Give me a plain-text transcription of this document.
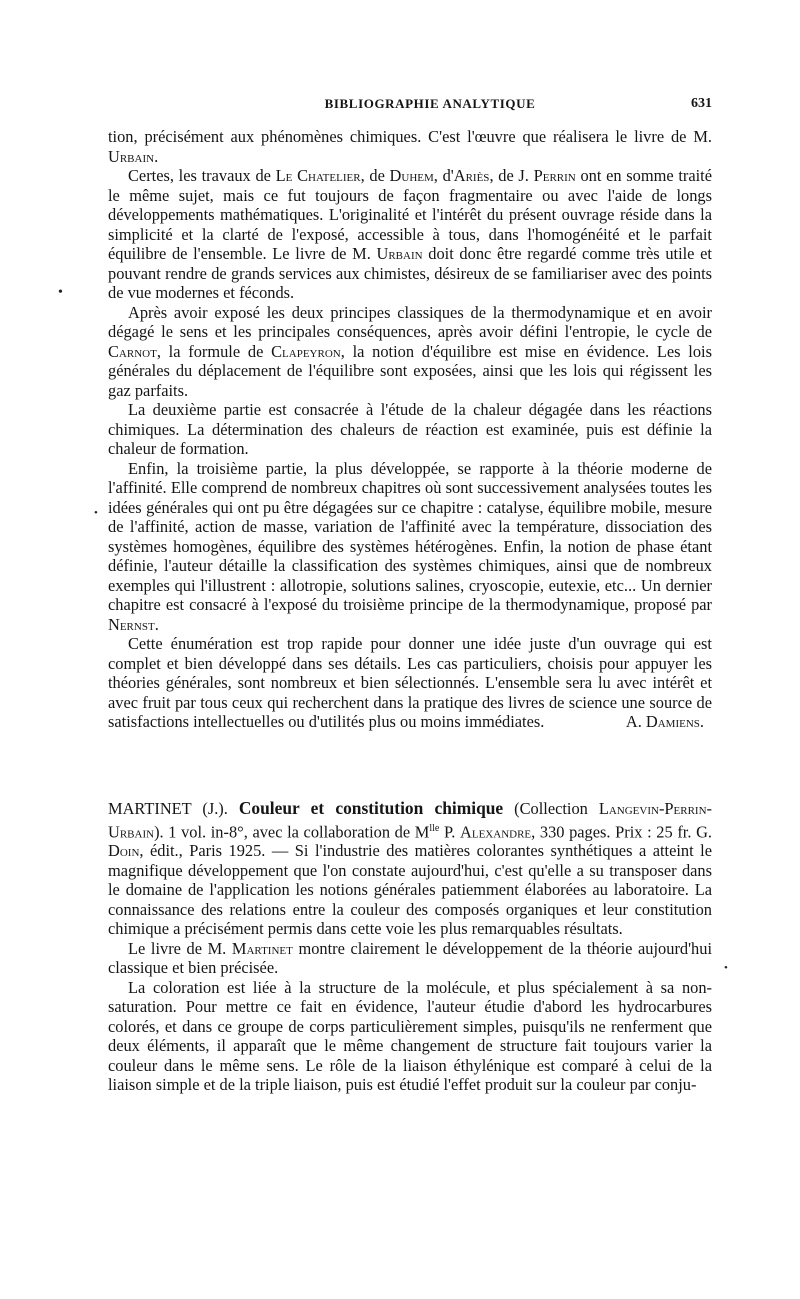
BIBLIOGRAPHIE ANALYTIQUE	631

tion, précisément aux phénomènes chimiques. C'est l'œuvre que réalisera le livre de M. Urbain.

Certes, les travaux de Le Chatelier, de Duhem, d'Ariès, de J. Perrin ont en somme traité le même sujet, mais ce fut toujours de façon fragmentaire ou avec l'aide de longs développements mathématiques. L'originalité et l'intérêt du présent ouvrage réside dans la simplicité et la clarté de l'exposé, accessible à tous, dans l'homogénéité et le parfait équilibre de l'ensemble. Le livre de M. Urbain doit donc être regardé comme très utile et pouvant rendre de grands services aux chimistes, désireux de se familiariser avec des points de vue modernes et féconds.

Après avoir exposé les deux principes classiques de la thermodynamique et en avoir dégagé le sens et les principales conséquences, après avoir défini l'entropie, le cycle de Carnot, la formule de Clapeyron, la notion d'équilibre est mise en évidence. Les lois générales du déplacement de l'équilibre sont exposées, ainsi que les lois qui régissent les gaz parfaits.

La deuxième partie est consacrée à l'étude de la chaleur dégagée dans les réactions chimiques. La détermination des chaleurs de réaction est examinée, puis est définie la chaleur de formation.

Enfin, la troisième partie, la plus développée, se rapporte à la théorie moderne de l'affinité. Elle comprend de nombreux chapitres où sont successivement analysées toutes les idées générales qui ont pu être dégagées sur ce chapitre : catalyse, équilibre mobile, mesure de l'affinité, action de masse, variation de l'affinité avec la température, dissociation des systèmes homogènes, équilibre des systèmes hétérogènes. Enfin, la notion de phase étant définie, l'auteur détaille la classification des systèmes chimiques, ainsi que de nombreux exemples qui l'illustrent : allotropie, solutions salines, cryoscopie, eutexie, etc... Un dernier chapitre est consacré à l'exposé du troisième principe de la thermodynamique, proposé par Nernst.

Cette énumération est trop rapide pour donner une idée juste d'un ouvrage qui est complet et bien développé dans ses détails. Les cas particuliers, choisis pour appuyer les théories générales, sont nombreux et bien sélectionnés. L'ensemble sera lu avec intérêt et avec fruit par tous ceux qui recherchent dans la pratique des livres de science une source de satisfactions intellectuelles ou d'utilités plus ou moins immédiates.	A. Damiens.

MARTINET (J.). Couleur et constitution chimique (Collection Langevin-Perrin-Urbain). 1 vol. in-8°, avec la collaboration de $M^{lle}$ P. Alexandre, 330 pages. Prix : 25 fr. G. Doin, édit., Paris 1925. — Si l'industrie des matières colorantes synthétiques a atteint le magnifique développement que l'on constate aujourd'hui, c'est qu'elle a su transposer dans le domaine de l'application les notions générales patiemment élaborées au laboratoire. La connaissance des relations entre la couleur des composés organiques et leur constitution chimique a précisément permis dans cette voie les plus remarquables résultats.

Le livre de M. Martinet montre clairement le développement de la théorie aujourd'hui classique et bien précisée.

La coloration est liée à la structure de la molécule, et plus spécialement à sa non-saturation. Pour mettre ce fait en évidence, l'auteur étudie d'abord les hydrocarbures colorés, et dans ce groupe de corps particulièrement simples, puisqu'ils ne renferment que deux éléments, il apparaît que le même changement de structure fait toujours varier la couleur dans le même sens. Le rôle de la liaison éthylénique est comparé à celui de la liaison simple et de la triple liaison, puis est étudié l'effet produit sur la couleur par conju-

•
•
•
